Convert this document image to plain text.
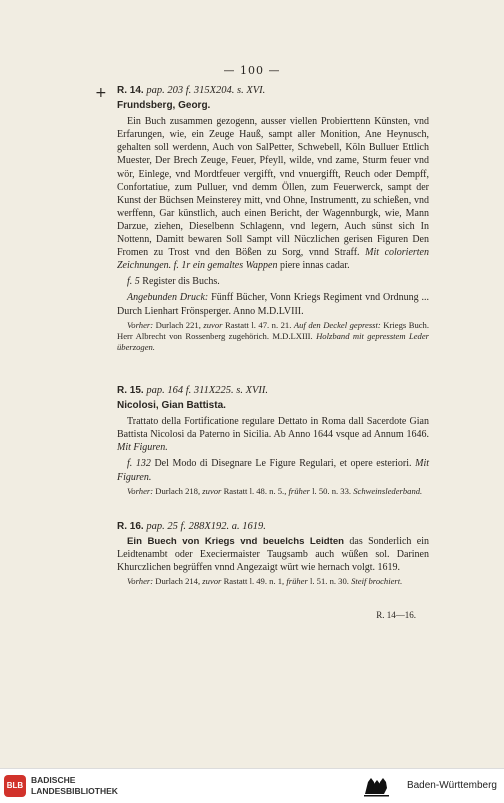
— 100 —
+ R. 14. pap. 203 f. 315X204. s. XVI.
Frundsberg, Georg.

Ein Buch zusammen gezogenn, ausser viellen Probierttenn Künsten, vnd Erfarungen, wie, ein Zeuge Hauß, sampt aller Monition, Ane Heynusch, gehalten soll werdenn, Auch von SalPetter, Schwebell, Köln Bulluer Ettlich Muester, Der Brech Zeuge, Feuer, Pfeyll, wilde, vnd zame, Sturm feuer vnd wör, Einlege, vnd Mordtfeuer vergifft, vnd vnuergifft, Reuch oder Dempff, Confortatiue, zum Pulluer, vnd demm Öllen, zum Feuerwerck, sampt der Kunst der Büchsen Meinsterey mitt, vnd Ohne, Instrumentt, zu schießen, vnd werffenn, Gar künstlich, auch einen Bericht, der Wagennburgk, wie, Mann Darzue, ziehen, Dieselbenn Schlagenn, vnd legern, Auch sünst sich In Nottenn, Damitt bewaren Soll Sampt vill Nüczlichen gerisen Figuren Den Fromen zu Trost vnd den Bößen zu Sorg, vnnd Straff. Mit colorierten Zeichnungen. f. 1r ein gemaltes Wappen piere innas cadar.

f. 5 Register dis Buchs.

Angebunden Druck: Fünff Bücher, Vonn Kriegs Regiment vnd Ordnung ... Durch Lienhart Frönsperger. Anno M.D.LVIII.

Vorher: Durlach 221, zuvor Rastatt l. 47. n. 21. Auf den Deckel gepresst: Kriegs Buch. Herr Albrecht von Rossenberg zugehörich. M.D.LXIII. Holzband mit gepresstem Leder überzogen.

R. 15. pap. 164 f. 311X225. s. XVII.
Nicolosi, Gian Battista.

Trattato della Fortificatione regulare Dettato in Roma dall Sacerdote Gian Battista Nicolosi da Paterno in Sicilia. Ab Anno 1644 vsque ad Annum 1646. Mit Figuren.

f. 132 Del Modo di Disegnare Le Figure Regulari, et opere esteriori. Mit Figuren.

Vorher: Durlach 218, zuvor Rastatt l. 48. n. 5., früher l. 50. n. 33. Schweinslederband.

R. 16. pap. 25 f. 288X192. a. 1619.

Ein Buech von Kriegs vnd beuelchs Leidten das Sonderlich ein Leidtenambt oder Execiermaister Taugsamb auch wüßen sol. Darinen Khurczlichen begrüffen vnnd Angezaigt würt wie hernach volgt. 1619.

Vorher: Durlach 214, zuvor Rastatt l. 49. n. 1, früher l. 51. n. 30. Steif brochiert.

R. 14—16.
BLB
BADISCHE
LANDESBIBLIOTHEK	Baden-Württemberg
